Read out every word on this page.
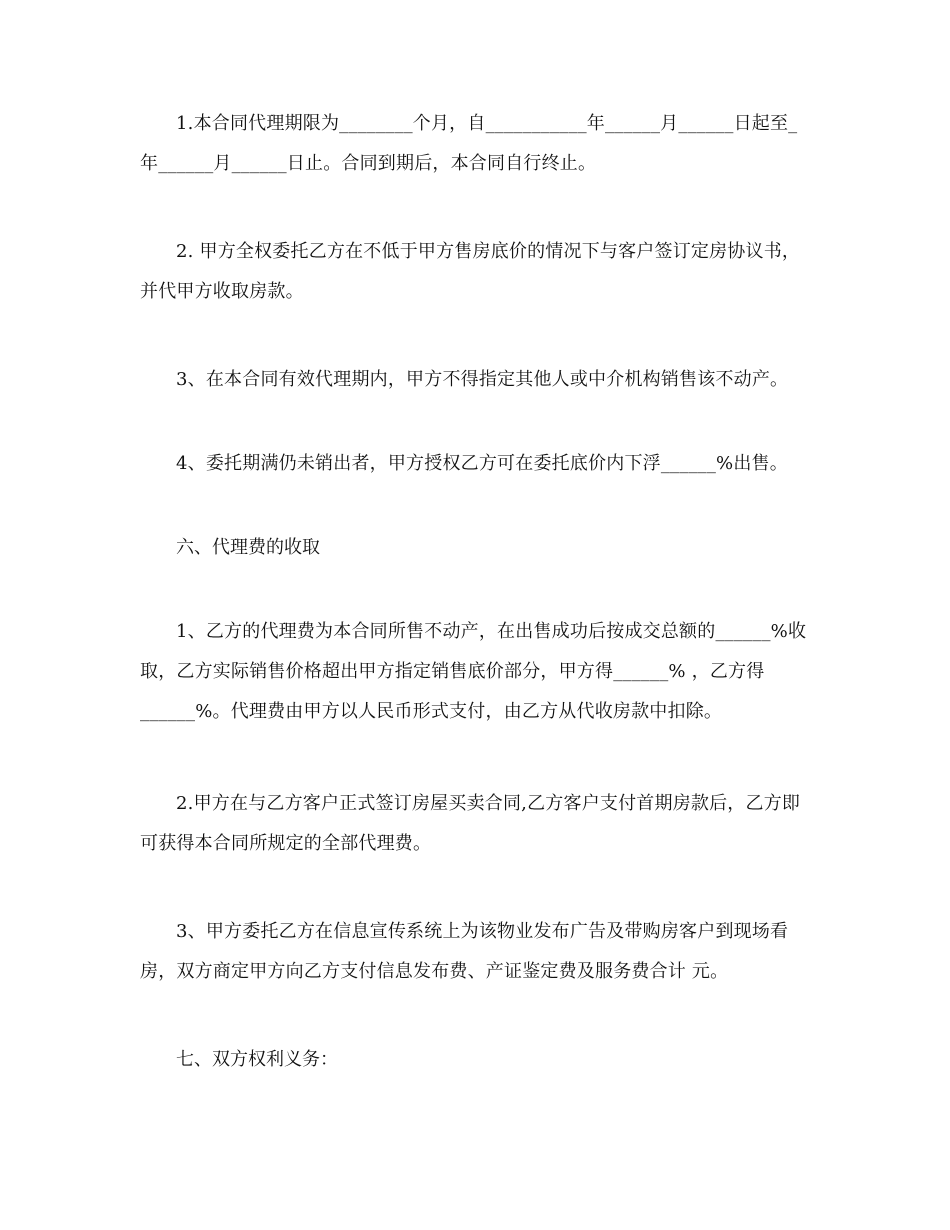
1.本合同代理期限为________个月，自___________年______月______日起至_年______月______日止。合同到期后，本合同自行终止。

2. 甲方全权委托乙方在不低于甲方售房底价的情况下与客户签订定房协议书，并代甲方收取房款。

3、在本合同有效代理期内，甲方不得指定其他人或中介机构销售该不动产。

4、委托期满仍未销出者，甲方授权乙方可在委托底价内下浮______%出售。

六、代理费的收取

1、乙方的代理费为本合同所售不动产，在出售成功后按成交总额的______%收取，乙方实际销售价格超出甲方指定销售底价部分，甲方得______% ，乙方得______%。代理费由甲方以人民币形式支付，由乙方从代收房款中扣除。

2.甲方在与乙方客户正式签订房屋买卖合同,乙方客户支付首期房款后，乙方即可获得本合同所规定的全部代理费。

3、甲方委托乙方在信息宣传系统上为该物业发布广告及带购房客户到现场看房，双方商定甲方向乙方支付信息发布费、产证鉴定费及服务费合计 元。

七、双方权利义务：
